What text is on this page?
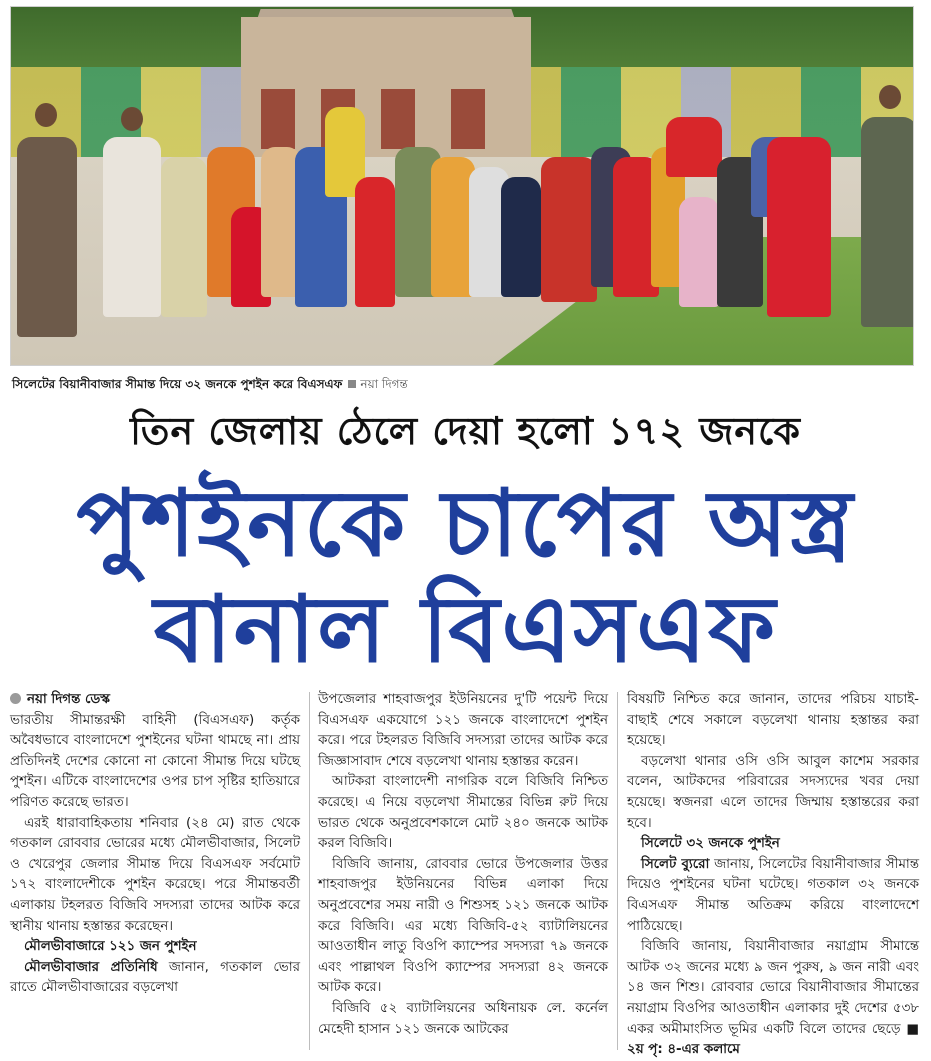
সিলেটের বিয়ানীবাজার সীমান্ত দিয়ে ৩২ জনকে পুশইন করে বিএসএফ নয়া দিগন্ত
তিন জেলায় ঠেলে দেয়া হলো ১৭২ জনকে
পুশইনকে চাপের অস্ত্র
বানাল বিএসএফ

নয়া দিগন্ত ডেস্ক

ভারতীয় সীমান্তরক্ষী বাহিনী (বিএসএফ) কর্তৃক অবৈধভাবে বাংলাদেশে পুশইনের ঘটনা থামছে না। প্রায় প্রতিদিনই দেশের কোনো না কোনো সীমান্ত দিয়ে ঘটছে পুশইন। এটিকে বাংলাদেশের ওপর চাপ সৃষ্টির হাতিয়ারে পরিণত করেছে ভারত।

এরই ধারাবাহিকতায় শনিবার (২৪ মে) রাত থেকে গতকাল রোববার ভোরের মধ্যে মৌলভীবাজার, সিলেট ও খেরেপুর জেলার সীমান্ত দিয়ে বিএসএফ সর্বমোট ১৭২ বাংলাদেশীকে পুশইন করেছে। পরে সীমান্তবর্তী এলাকায় টহলরত বিজিবি সদস্যরা তাদের আটক করে স্থানীয় থানায় হস্তান্তর করেছেন।

মৌলভীবাজারে ১২১ জন পুশইন

মৌলভীবাজার প্রতিনিধি জানান, গতকাল ভোর রাতে মৌলভীবাজারের বড়লেখা

উপজেলার শাহবাজপুর ইউনিয়নের দু'টি পয়েন্ট দিয়ে বিএসএফ একযোগে ১২১ জনকে বাংলাদেশে পুশইন করে। পরে টহলরত বিজিবি সদস্যরা তাদের আটক করে জিজ্ঞাসাবাদ শেষে বড়লেখা থানায় হস্তান্তর করেন।

আটকরা বাংলাদেশী নাগরিক বলে বিজিবি নিশ্চিত করেছে। এ নিয়ে বড়লেখা সীমান্তের বিভিন্ন রুট দিয়ে ভারত থেকে অনুপ্রবেশকালে মোট ২৪০ জনকে আটক করল বিজিবি।

বিজিবি জানায়, রোববার ভোরে উপজেলার উত্তর শাহবাজপুর ইউনিয়নের বিভিন্ন এলাকা দিয়ে অনুপ্রবেশের সময় নারী ও শিশুসহ ১২১ জনকে আটক করে বিজিবি। এর মধ্যে বিজিবি-৫২ ব্যাটালিয়নের আওতাধীন লাতু বিওপি ক্যাম্পের সদস্যরা ৭৯ জনকে এবং পাল্লাথল বিওপি ক্যাম্পের সদস্যরা ৪২ জনকে আটক করে।

বিজিবি ৫২ ব্যাটালিয়নের অধিনায়ক লে. কর্নেল মেহেদী হাসান ১২১ জনকে আটকের

বিষয়টি নিশ্চিত করে জানান, তাদের পরিচয় যাচাই-বাছাই শেষে সকালে বড়লেখা থানায় হস্তান্তর করা হয়েছে।

বড়লেখা থানার ওসি ওসি আবুল কাশেম সরকার বলেন, আটকদের পরিবারের সদস্যদের খবর দেয়া হয়েছে। স্বজনরা এলে তাদের জিম্মায় হস্তান্তরের করা হবে।

সিলেটে ৩২ জনকে পুশইন

সিলেট ব্যুরো জানায়, সিলেটের বিয়ানীবাজার সীমান্ত দিয়েও পুশইনের ঘটনা ঘটেছে। গতকাল ৩২ জনকে বিএসএফ সীমান্ত অতিক্রম করিয়ে বাংলাদেশে পাঠিয়েছে।

বিজিবি জানায়, বিয়ানীবাজার নয়াগ্রাম সীমান্তে আটক ৩২ জনের মধ্যে ৯ জন পুরুষ, ৯ জন নারী এবং ১৪ জন শিশু। রোববার ভোরে বিয়ানীবাজার সীমান্তের নয়াগ্রাম বিওপির আওতাধীন এলাকার দুই দেশের ৫৩৮ একর অমীমাংসিত ভূমির একটি বিলে তাদের ছেড়ে ■ ২য় পৃ: ৪-এর কলামে
